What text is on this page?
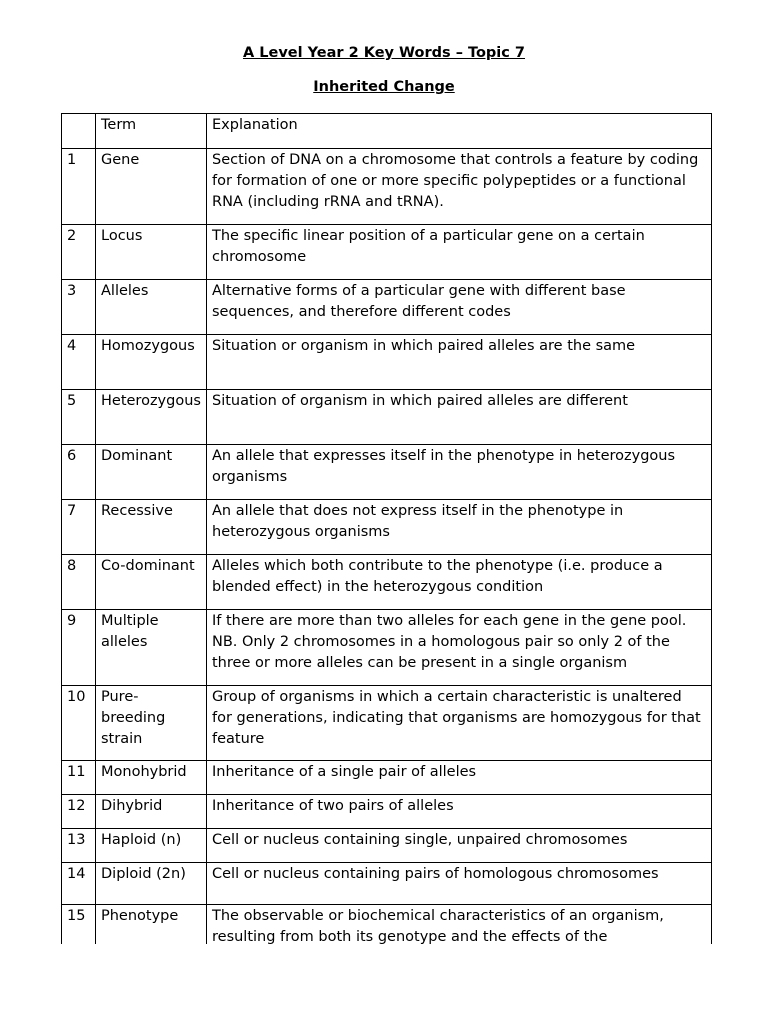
A Level Year 2 Key Words – Topic 7
Inherited Change
	Term	Explanation
1	Gene	Section of DNA on a chromosome that controls a feature by coding for formation of one or more specific polypeptides or a functional RNA (including rRNA and tRNA).
2	Locus	The specific linear position of a particular gene on a certain chromosome
3	Alleles	Alternative forms of a particular gene with different base sequences, and therefore different codes
4	Homozygous	Situation or organism in which paired alleles are the same
5	Heterozygous	Situation of organism in which paired alleles are different
6	Dominant	An allele that expresses itself in the phenotype in heterozygous organisms
7	Recessive	An allele that does not express itself in the phenotype in heterozygous organisms
8	Co-dominant	Alleles which both contribute to the phenotype (i.e. produce a blended effect) in the heterozygous condition
9	Multiple alleles	If there are more than two alleles for each gene in the gene pool. NB. Only 2 chromosomes in a homologous pair so only 2 of the three or more alleles can be present in a single organism
10	Pure-breeding strain	Group of organisms in which a certain characteristic is unaltered for generations, indicating that organisms are homozygous for that feature
11	Monohybrid	Inheritance of a single pair of alleles
12	Dihybrid	Inheritance of two pairs of alleles
13	Haploid (n)	Cell or nucleus containing single, unpaired chromosomes
14	Diploid (2n)	Cell or nucleus containing pairs of homologous chromosomes
15	Phenotype	The observable or biochemical characteristics of an organism, resulting from both its genotype and the effects of the
